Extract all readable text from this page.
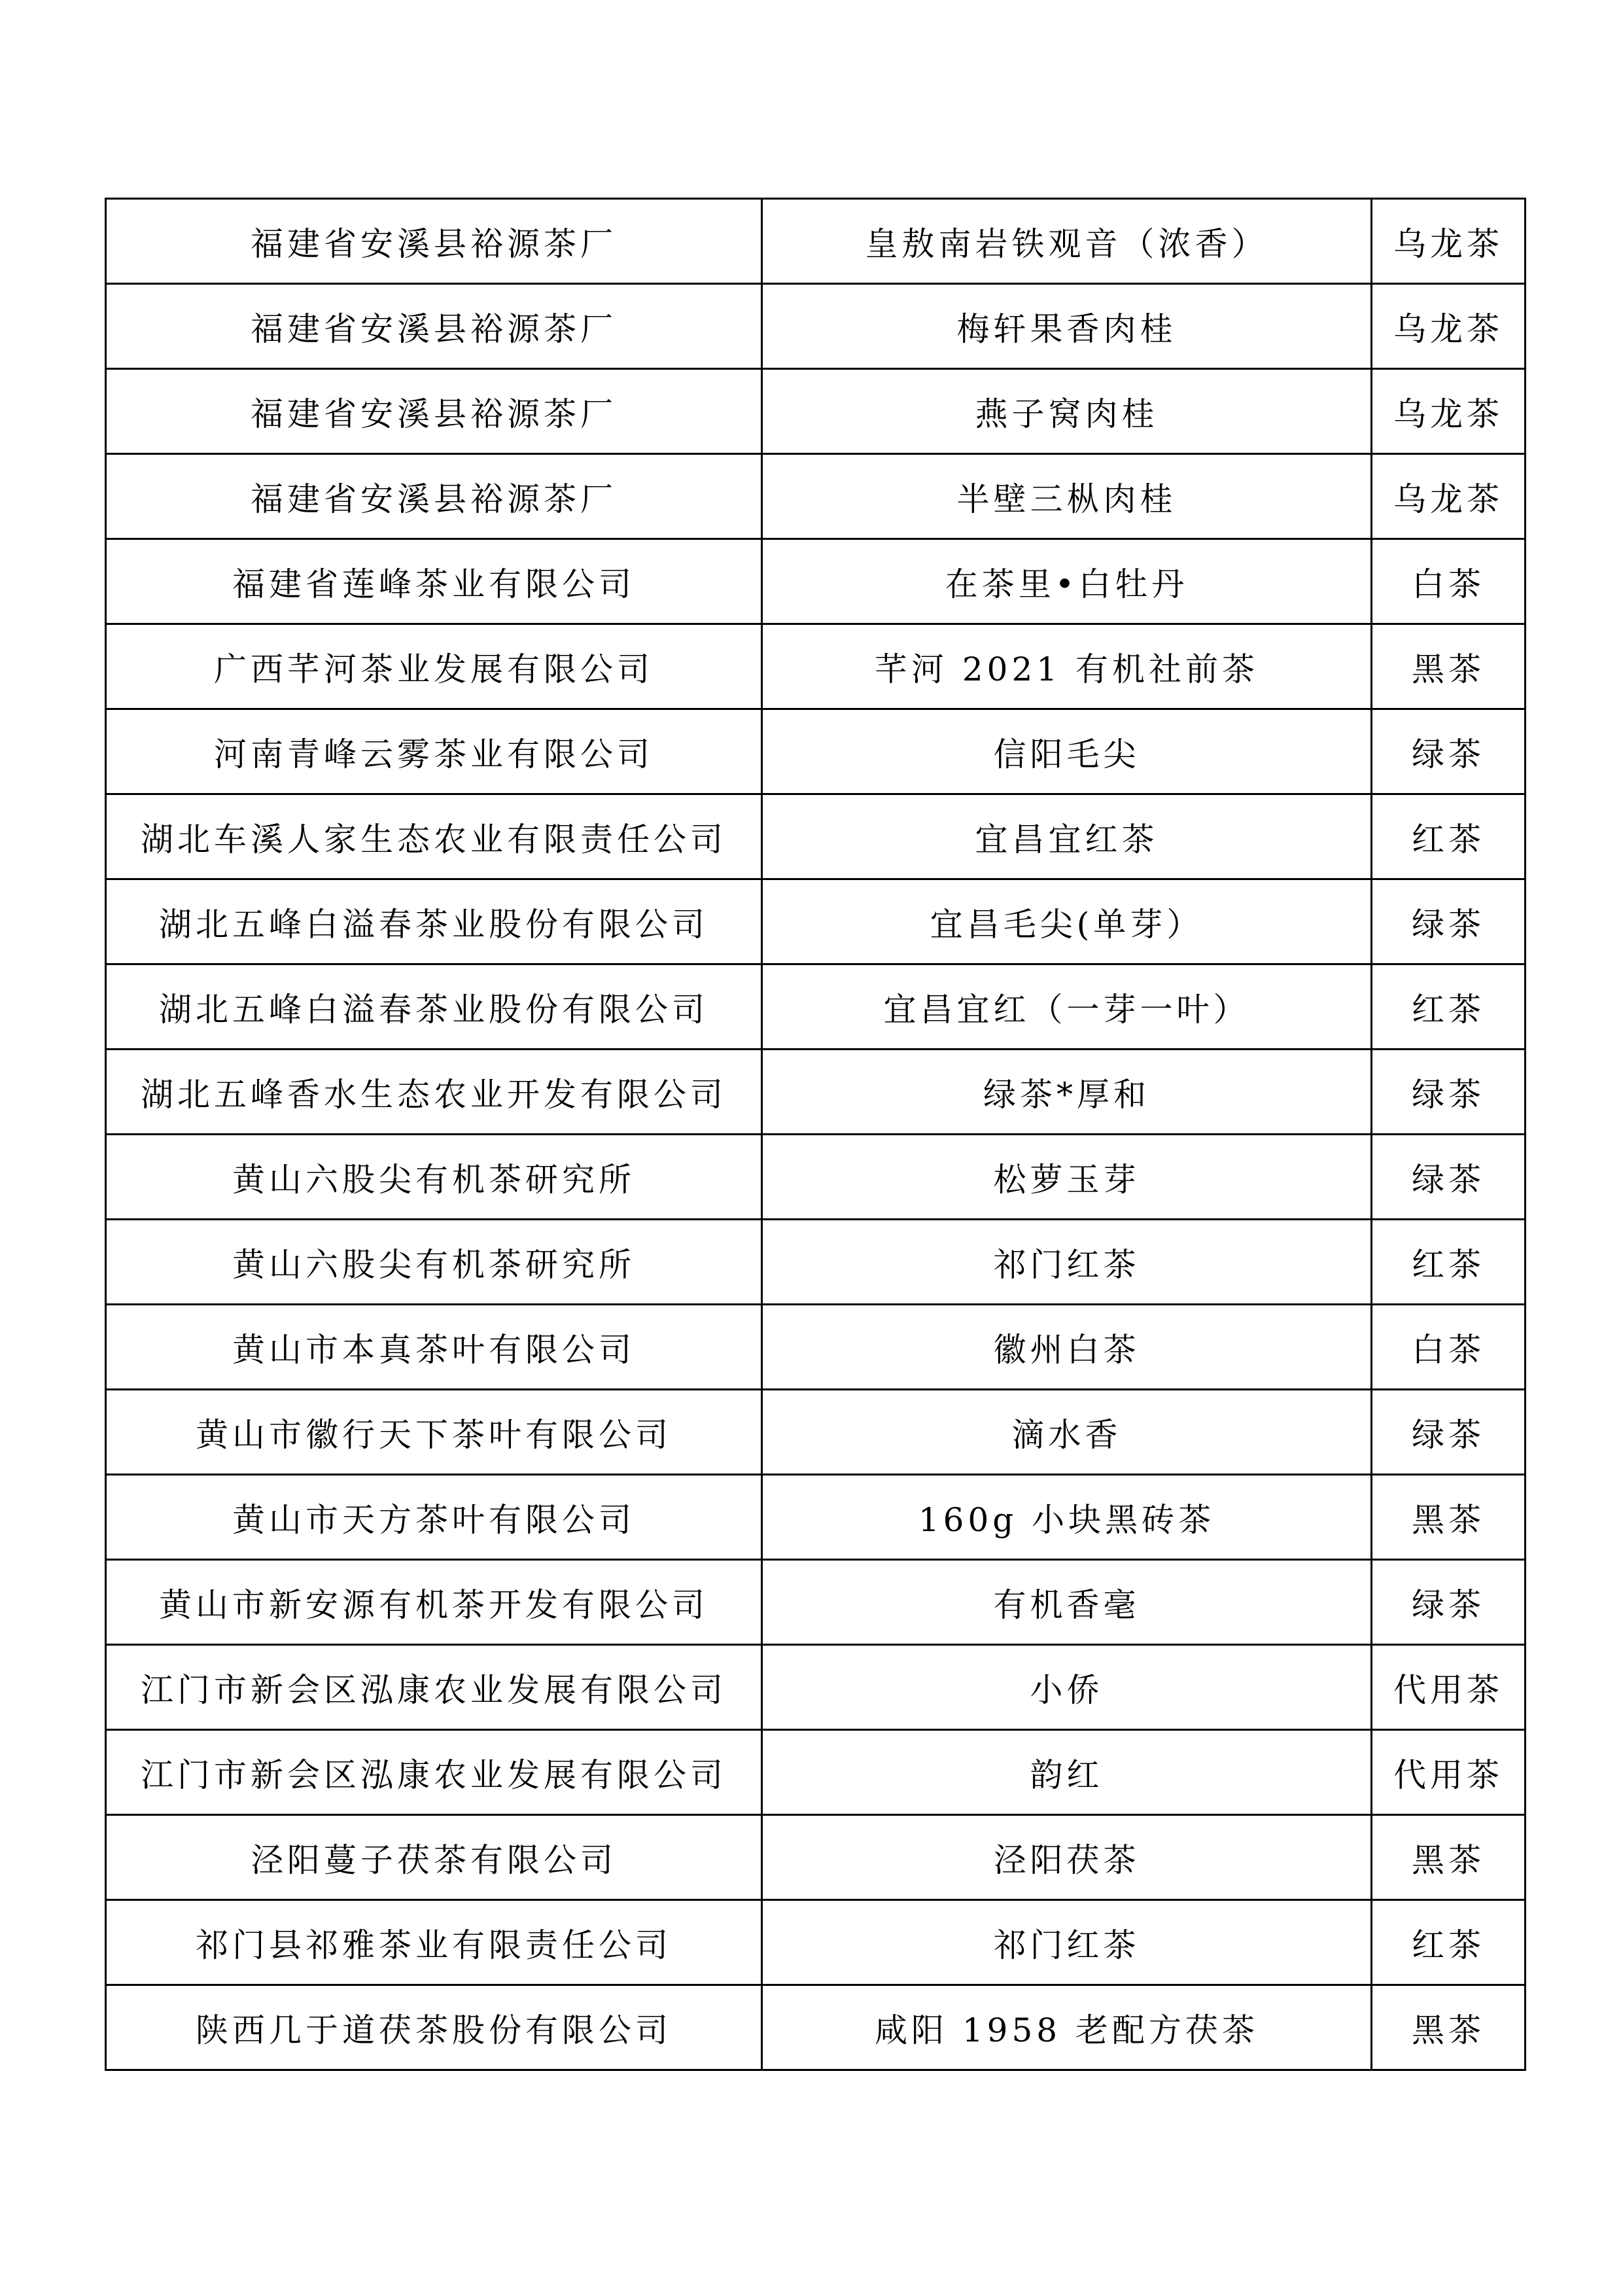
福建省安溪县裕源茶厂	皇敖南岩铁观音（浓香）	乌龙茶
福建省安溪县裕源茶厂	梅轩果香肉桂	乌龙茶
福建省安溪县裕源茶厂	燕子窝肉桂	乌龙茶
福建省安溪县裕源茶厂	半壁三枞肉桂	乌龙茶
福建省莲峰茶业有限公司	在茶里•白牡丹	白茶
广西芊河茶业发展有限公司	芊河 2021 有机社前茶	黑茶
河南青峰云雾茶业有限公司	信阳毛尖	绿茶
湖北车溪人家生态农业有限责任公司	宜昌宜红茶	红茶
湖北五峰白溢春茶业股份有限公司	宜昌毛尖(单芽）	绿茶
湖北五峰白溢春茶业股份有限公司	宜昌宜红（一芽一叶）	红茶
湖北五峰香水生态农业开发有限公司	绿茶*厚和	绿茶
黄山六股尖有机茶研究所	松萝玉芽	绿茶
黄山六股尖有机茶研究所	祁门红茶	红茶
黄山市本真茶叶有限公司	徽州白茶	白茶
黄山市徽行天下茶叶有限公司	滴水香	绿茶
黄山市天方茶叶有限公司	160g 小块黑砖茶	黑茶
黄山市新安源有机茶开发有限公司	有机香毫	绿茶
江门市新会区泓康农业发展有限公司	小侨	代用茶
江门市新会区泓康农业发展有限公司	韵红	代用茶
泾阳蔓子茯茶有限公司	泾阳茯茶	黑茶
祁门县祁雅茶业有限责任公司	祁门红茶	红茶
陕西几于道茯茶股份有限公司	咸阳 1958 老配方茯茶	黑茶
